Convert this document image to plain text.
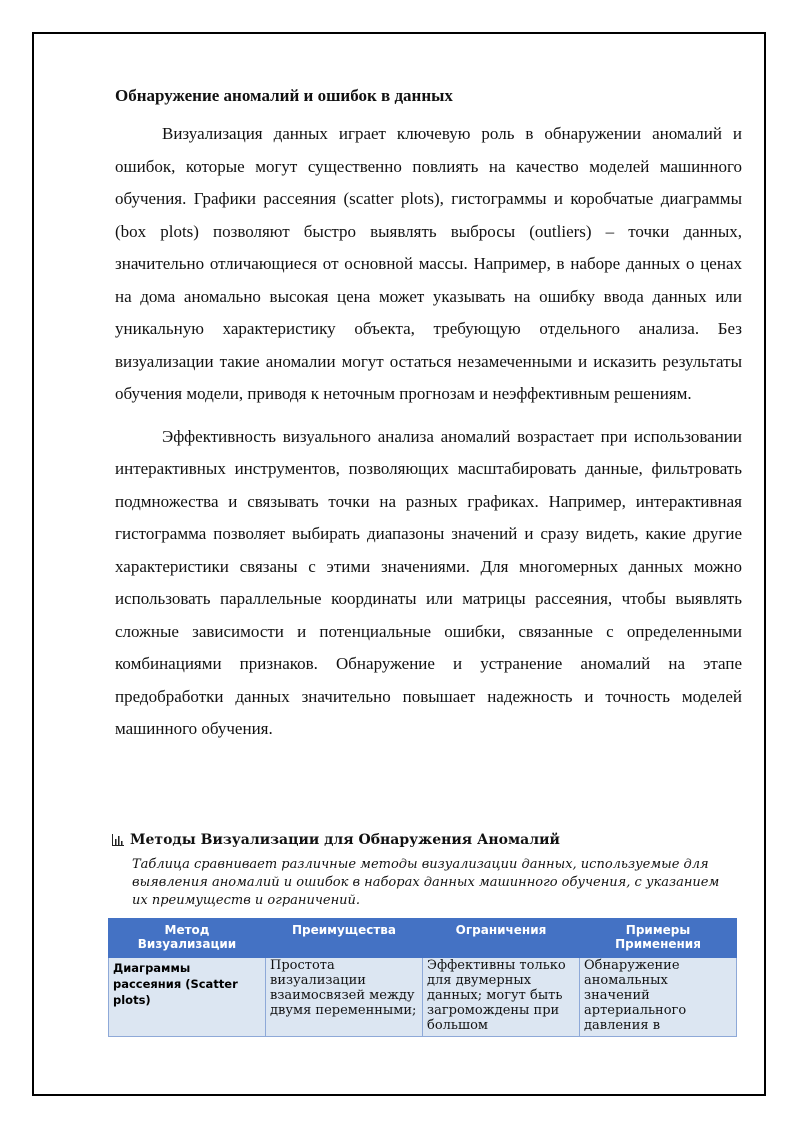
Обнаружение аномалий и ошибок в данных

Визуализация данных играет ключевую роль в обнаружении аномалий и ошибок, которые могут существенно повлиять на качество моделей машинного обучения. Графики рассеяния (scatter plots), гистограммы и коробчатые диаграммы (box plots) позволяют быстро выявлять выбросы (outliers) – точки данных, значительно отличающиеся от основной массы. Например, в наборе данных о ценах на дома аномально высокая цена может указывать на ошибку ввода данных или уникальную характеристику объекта, требующую отдельного анализа. Без визуализации такие аномалии могут остаться незамеченными и исказить результаты обучения модели, приводя к неточным прогнозам и неэффективным решениям.

Эффективность визуального анализа аномалий возрастает при использовании интерактивных инструментов, позволяющих масштабировать данные, фильтровать подмножества и связывать точки на разных графиках. Например, интерактивная гистограмма позволяет выбирать диапазоны значений и сразу видеть, какие другие характеристики связаны с этими значениями. Для многомерных данных можно использовать параллельные координаты или матрицы рассеяния, чтобы выявлять сложные зависимости и потенциальные ошибки, связанные с определенными комбинациями признаков. Обнаружение и устранение аномалий на этапе предобработки данных значительно повышает надежность и точность моделей машинного обучения.

Методы Визуализации для Обнаружения Аномалий
Таблица сравнивает различные методы визуализации данных, используемые для выявления аномалий и ошибок в наборах данных машинного обучения, с указанием их преимуществ и ограничений.
Метод Визуализации	Преимущества	Ограничения	Примеры Применения

Диаграммы рассеяния (Scatter plots)	Простота визуализации взаимосвязей между двумя переменными;	Эффективны только для двумерных данных; могут быть загромождены при большом	Обнаружение аномальных значений артериального давления в
